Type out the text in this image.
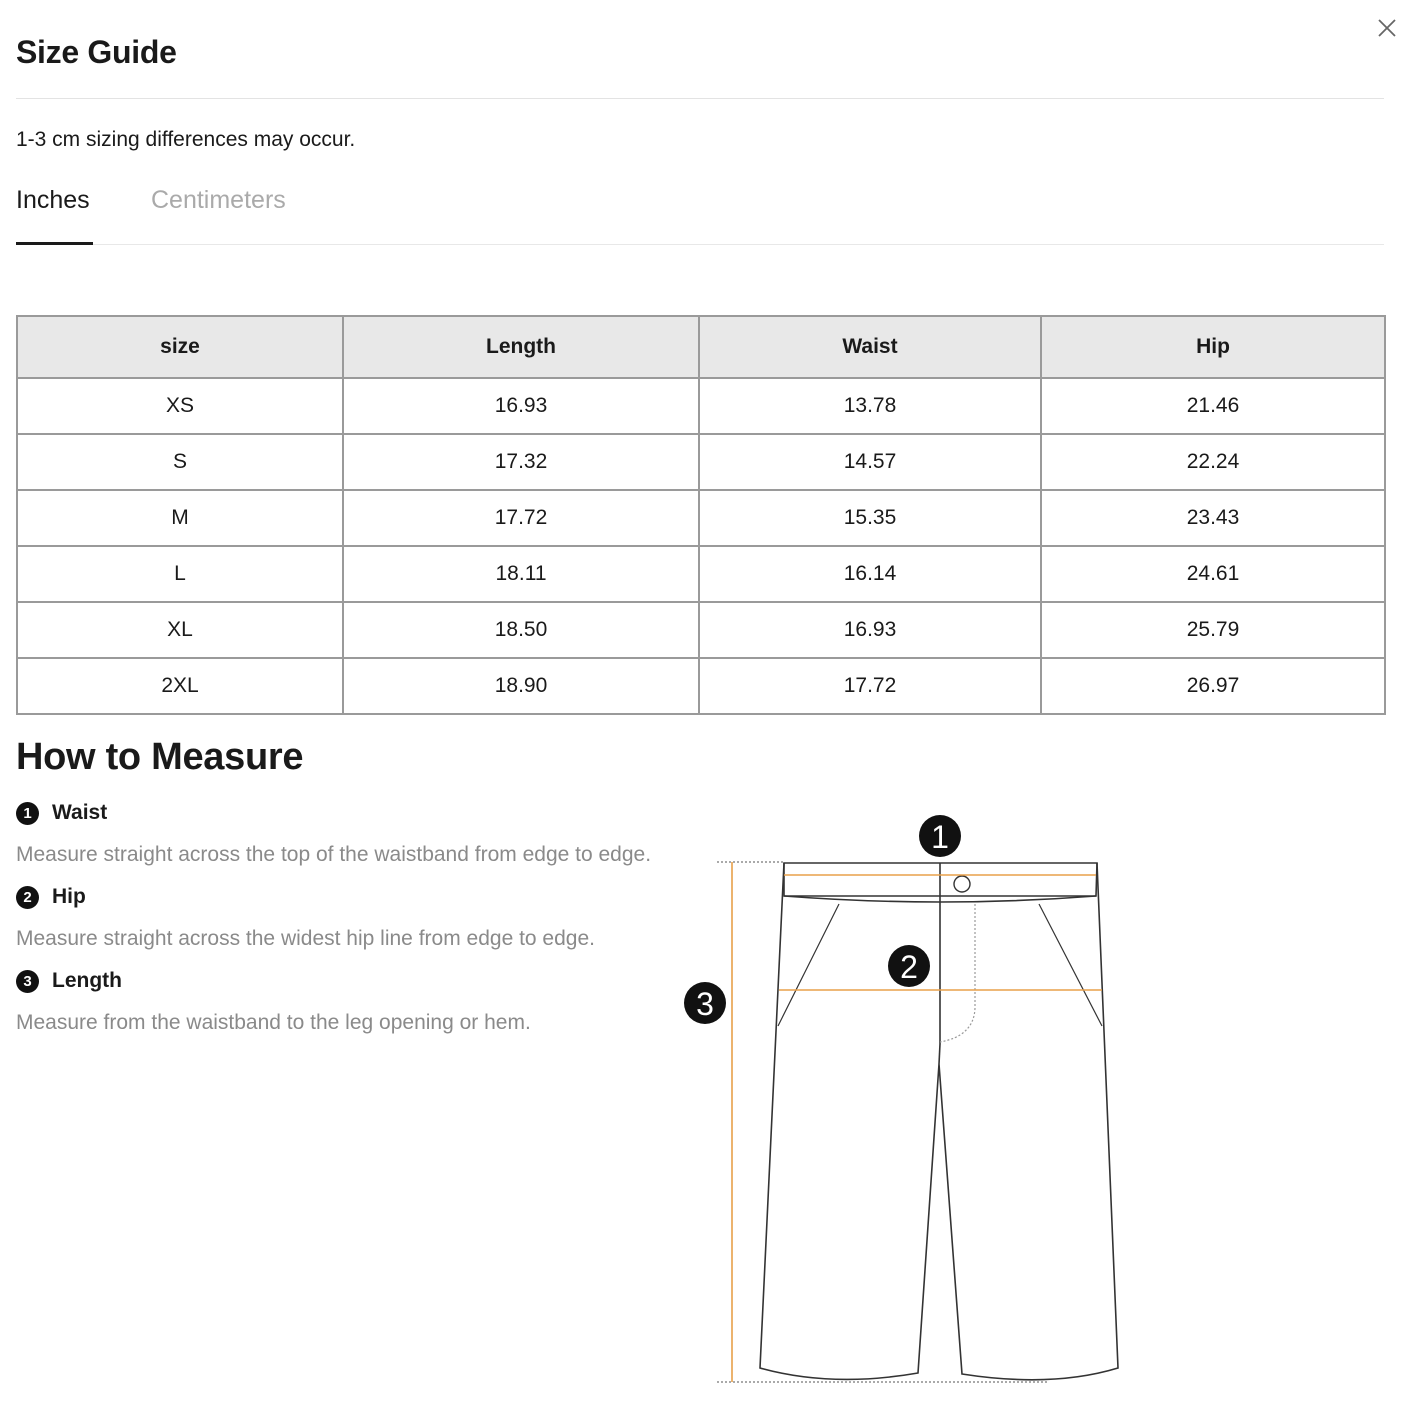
Size Guide
1-3 cm sizing differences may occur.
Inches Centimeters
size	Length	Waist	Hip
XS	16.93	13.78	21.46
S	17.32	14.57	22.24
M	17.72	15.35	23.43
L	18.11	16.14	24.61
XL	18.50	16.93	25.79
2XL	18.90	17.72	26.97
How to Measure
1 Waist
Measure straight across the top of the waistband from edge to edge.
2 Hip
Measure straight across the widest hip line from edge to edge.
3 Length
Measure from the waistband to the leg opening or hem.
1
2
3
